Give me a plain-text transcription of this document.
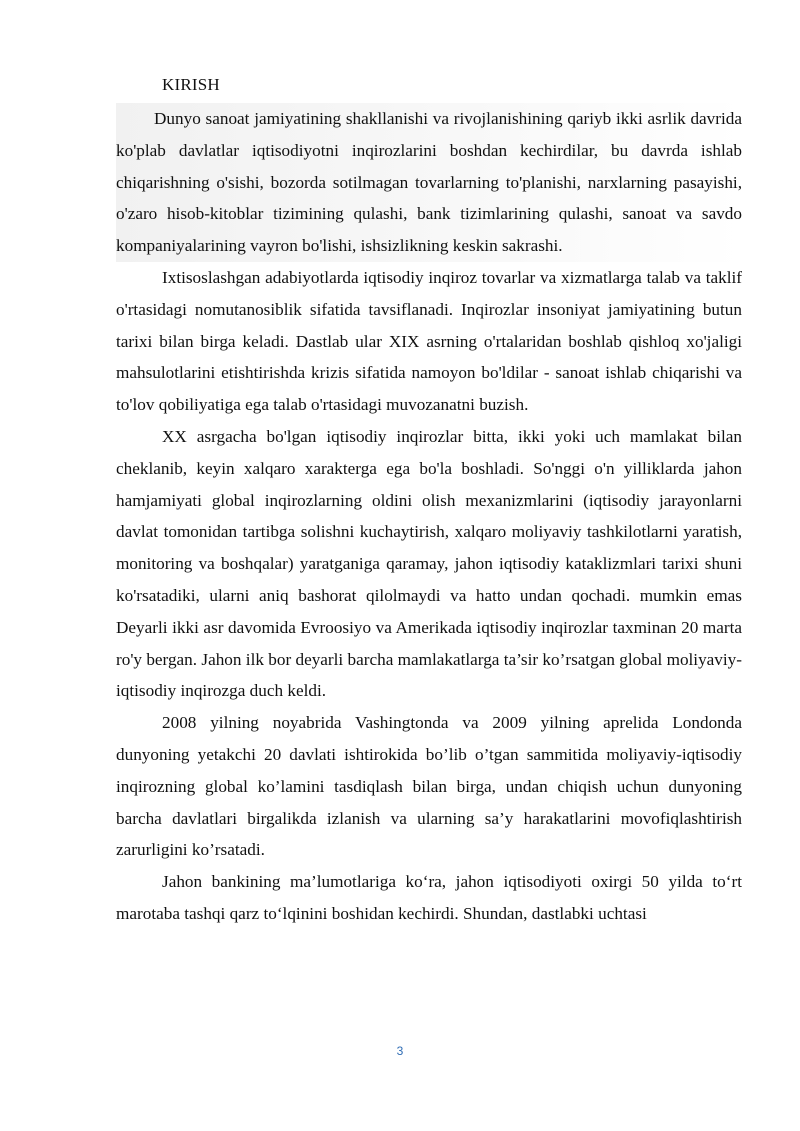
KIRISH

Dunyo sanoat jamiyatining shakllanishi va rivojlanishining qariyb ikki asrlik davrida ko'plab davlatlar iqtisodiyotni inqirozlarini boshdan kechirdilar, bu davrda ishlab chiqarishning o'sishi, bozorda sotilmagan tovarlarning to'planishi, narxlarning pasayishi, o'zaro hisob-kitoblar tizimining qulashi, bank tizimlarining qulashi, sanoat va savdo kompaniyalarining vayron bo'lishi, ishsizlikning keskin sakrashi.

Ixtisoslashgan adabiyotlarda iqtisodiy inqiroz tovarlar va xizmatlarga talab va taklif o'rtasidagi nomutanosiblik sifatida tavsiflanadi. Inqirozlar insoniyat jamiyatining butun tarixi bilan birga keladi. Dastlab ular XIX asrning o'rtalaridan boshlab qishloq xo'jaligi mahsulotlarini etishtirishda krizis sifatida namoyon bo'ldilar - sanoat ishlab chiqarishi va to'lov qobiliyatiga ega talab o'rtasidagi muvozanatni buzish.

XX asrgacha bo'lgan iqtisodiy inqirozlar bitta, ikki yoki uch mamlakat bilan cheklanib, keyin xalqaro xarakterga ega bo'la boshladi. So'nggi o'n yilliklarda jahon hamjamiyati global inqirozlarning oldini olish mexanizmlarini (iqtisodiy jarayonlarni davlat tomonidan tartibga solishni kuchaytirish, xalqaro moliyaviy tashkilotlarni yaratish, monitoring va boshqalar) yaratganiga qaramay, jahon iqtisodiy kataklizmlari tarixi shuni ko'rsatadiki, ularni aniq bashorat qilolmaydi va hatto undan qochadi. mumkin emas Deyarli ikki asr davomida Evroosiyo va Amerikada iqtisodiy inqirozlar taxminan 20 marta ro'y bergan. Jahon ilk bor deyarli barcha mamlakatlarga ta’sir ko’rsatgan global moliyaviy-iqtisodiy inqirozga duch keldi.

2008 yilning noyabrida Vashingtonda va 2009 yilning aprelida Londonda dunyoning yetakchi 20 davlati ishtirokida bo’lib o’tgan sammitida moliyaviy-iqtisodiy inqirozning global ko’lamini tasdiqlash bilan birga, undan chiqish uchun dunyoning barcha davlatlari birgalikda izlanish va ularning sa’y harakatlarini movofiqlashtirish zarurligini ko’rsatadi.

Jahon bankining ma’lumotlariga ko‘ra, jahon iqtisodiyoti oxirgi 50 yilda to‘rt marotaba tashqi qarz to‘lqinini boshidan kechirdi. Shundan, dastlabki uchtasi

3
